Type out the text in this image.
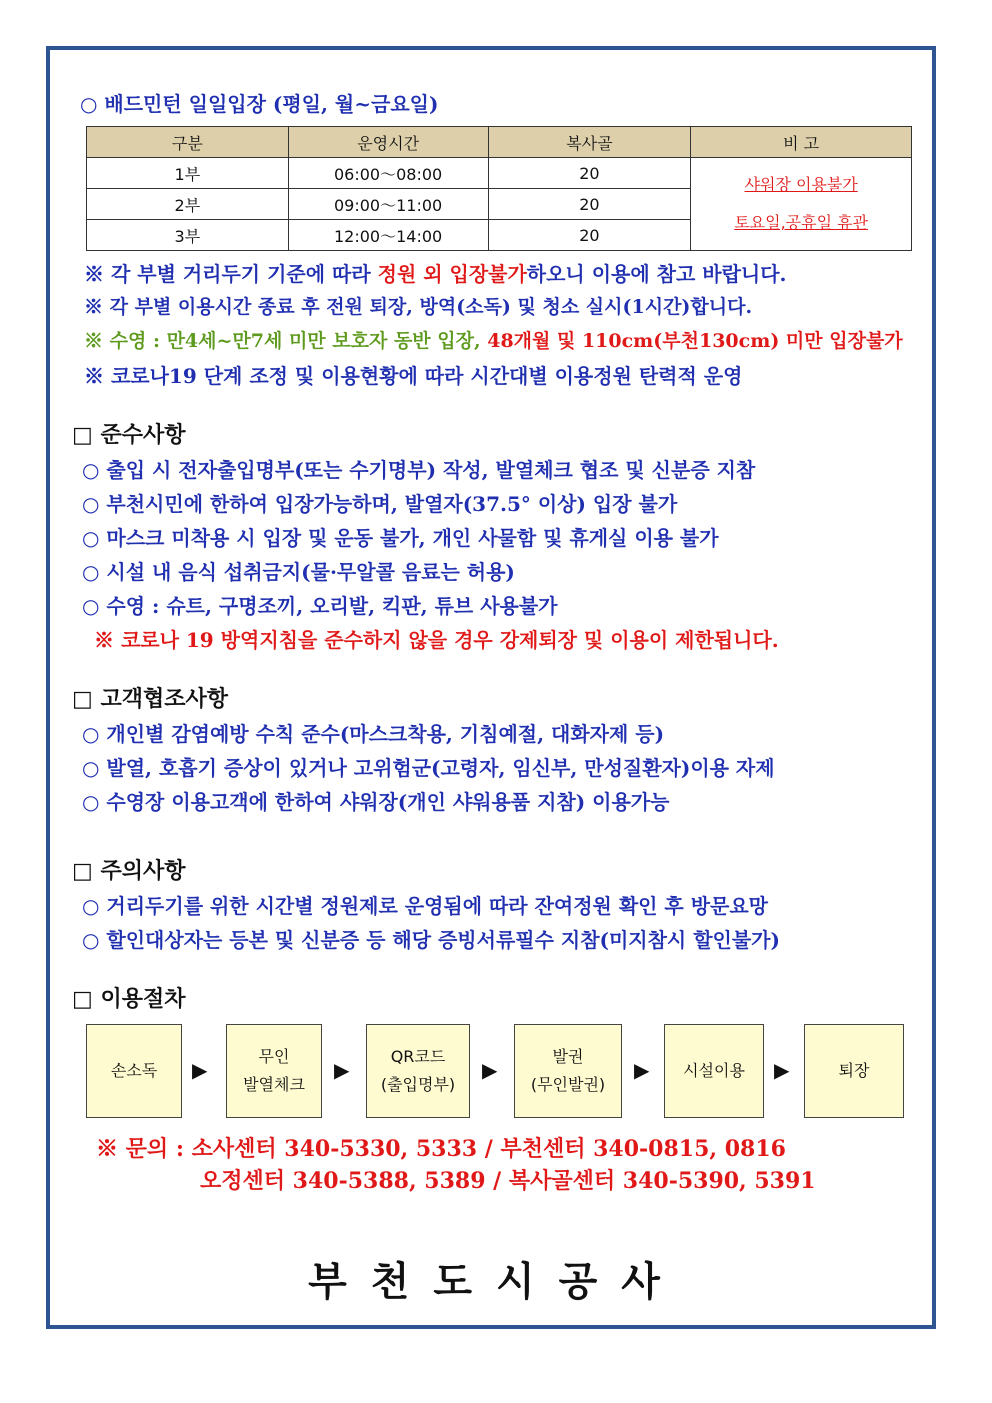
○ 배드민턴 일일입장 (평일, 월~금요일)
구분	운영시간	복사골	비 고
1부	06:00～08:00	20	샤워장 이용불가
토요일,공휴일 휴관

2부	09:00～11:00	20	
3부	12:00～14:00	20	
※ 각 부별 거리두기 기준에 따라 정원 외 입장불가하오니 이용에 참고 바랍니다.
※ 각 부별 이용시간 종료 후 전원 퇴장, 방역(소독) 및 청소 실시(1시간)합니다.
※ 수영 : 만4세~만7세 미만 보호자 동반 입장, 48개월 및 110cm(부천130cm) 미만 입장불가
※ 코로나19 단계 조정 및 이용현황에 따라 시간대별 이용정원 탄력적 운영
□ 준수사항
○ 출입 시 전자출입명부(또는 수기명부) 작성, 발열체크 협조 및 신분증 지참
○ 부천시민에 한하여 입장가능하며, 발열자(37.5° 이상) 입장 불가
○ 마스크 미착용 시 입장 및 운동 불가, 개인 사물함 및 휴게실 이용 불가
○ 시설 내 음식 섭취금지(물·무알콜 음료는 허용)
○ 수영 : 슈트, 구명조끼, 오리발, 킥판, 튜브 사용불가
※ 코로나 19 방역지침을 준수하지 않을 경우 강제퇴장 및 이용이 제한됩니다.
□ 고객협조사항
○ 개인별 감염예방 수칙 준수(마스크착용, 기침예절, 대화자제 등)
○ 발열, 호흡기 증상이 있거나 고위험군(고령자, 임신부, 만성질환자)이용 자제
○ 수영장 이용고객에 한하여 샤워장(개인 샤워용품 지참) 이용가능
□ 주의사항
○ 거리두기를 위한 시간별 정원제로 운영됨에 따라 잔여정원 확인 후 방문요망
○ 할인대상자는 등본 및 신분증 등 해당 증빙서류필수 지참(미지참시 할인불가)
□ 이용절차
손소독 ▶
무인
발열체크
▶
QR코드
(출입명부)
▶
발권
(무인발권)
▶ 시설이용 ▶	퇴장
※ 문의 : 소사센터 340-5330, 5333 / 부천센터 340-0815, 0816
오정센터 340-5388, 5389 / 복사골센터 340-5390, 5391
부천도시공사
